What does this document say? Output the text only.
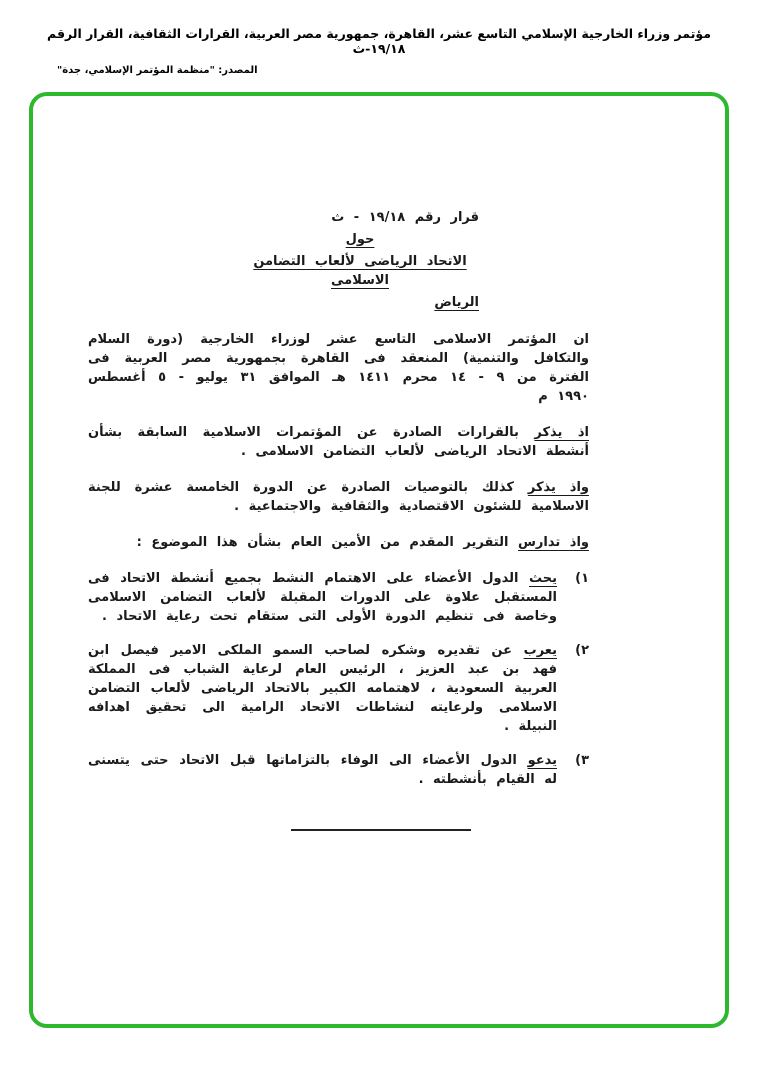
مؤتمر وزراء الخارجية الإسلامي التاسع عشر، القاهرة، جمهورية مصر العربية، القرارات الثقافية، القرار الرقم ١٩/١٨-ث
المصدر: "منظمة المؤتمر الإسلامي، جدة"
قرار رقم ١٩/١٨ - ث
حول
الاتحاد الرياضى لألعاب التضامن الاسلامى
الرياض

ان المؤتمر الاسلامى التاسع عشر لوزراء الخارجية (دورة السلام والتكافل والتنمية) المنعقد فى القاهرة بجمهورية مصر العربية فى الفترة من ٩ - ١٤ محرم ١٤١١ هـ الموافق ٣١ يوليو - ٥ أغسطس ١٩٩٠ م

اذ يذكر بالقرارات الصادرة عن المؤتمرات الاسلامية السابقة بشأن أنشطة الاتحاد الرياضى لألعاب التضامن الاسلامى .

واذ يذكر كذلك بالتوصيات الصادرة عن الدورة الخامسة عشرة للجنة الاسلامية للشئون الاقتصادية والثقافية والاجتماعية .

واذ تدارس التقرير المقدم من الأمين العام بشأن هذا الموضوع :

١)

يحث الدول الأعضاء على الاهتمام النشط بجميع أنشطة الاتحاد فى المستقبل علاوة على الدورات المقبلة لألعاب التضامن الاسلامى وخاصة فى تنظيم الدورة الأولى التى ستقام تحت رعاية الاتحاد .

٢)

يعرب عن تقديره وشكره لصاحب السمو الملكى الامير فيصل ابن فهد بن عبد العزيز ، الرئيس العام لرعاية الشباب فى المملكة العربية السعودية ، لاهتمامه الكبير بالاتحاد الرياضى لألعاب التضامن الاسلامى ولرعايته لنشاطات الاتحاد الرامية الى تحقيق اهدافه النبيلة .

٣)

يدعو الدول الأعضاء الى الوفاء بالتزاماتها قبل الاتحاد حتى يتسنى له القيام بأنشطته .
